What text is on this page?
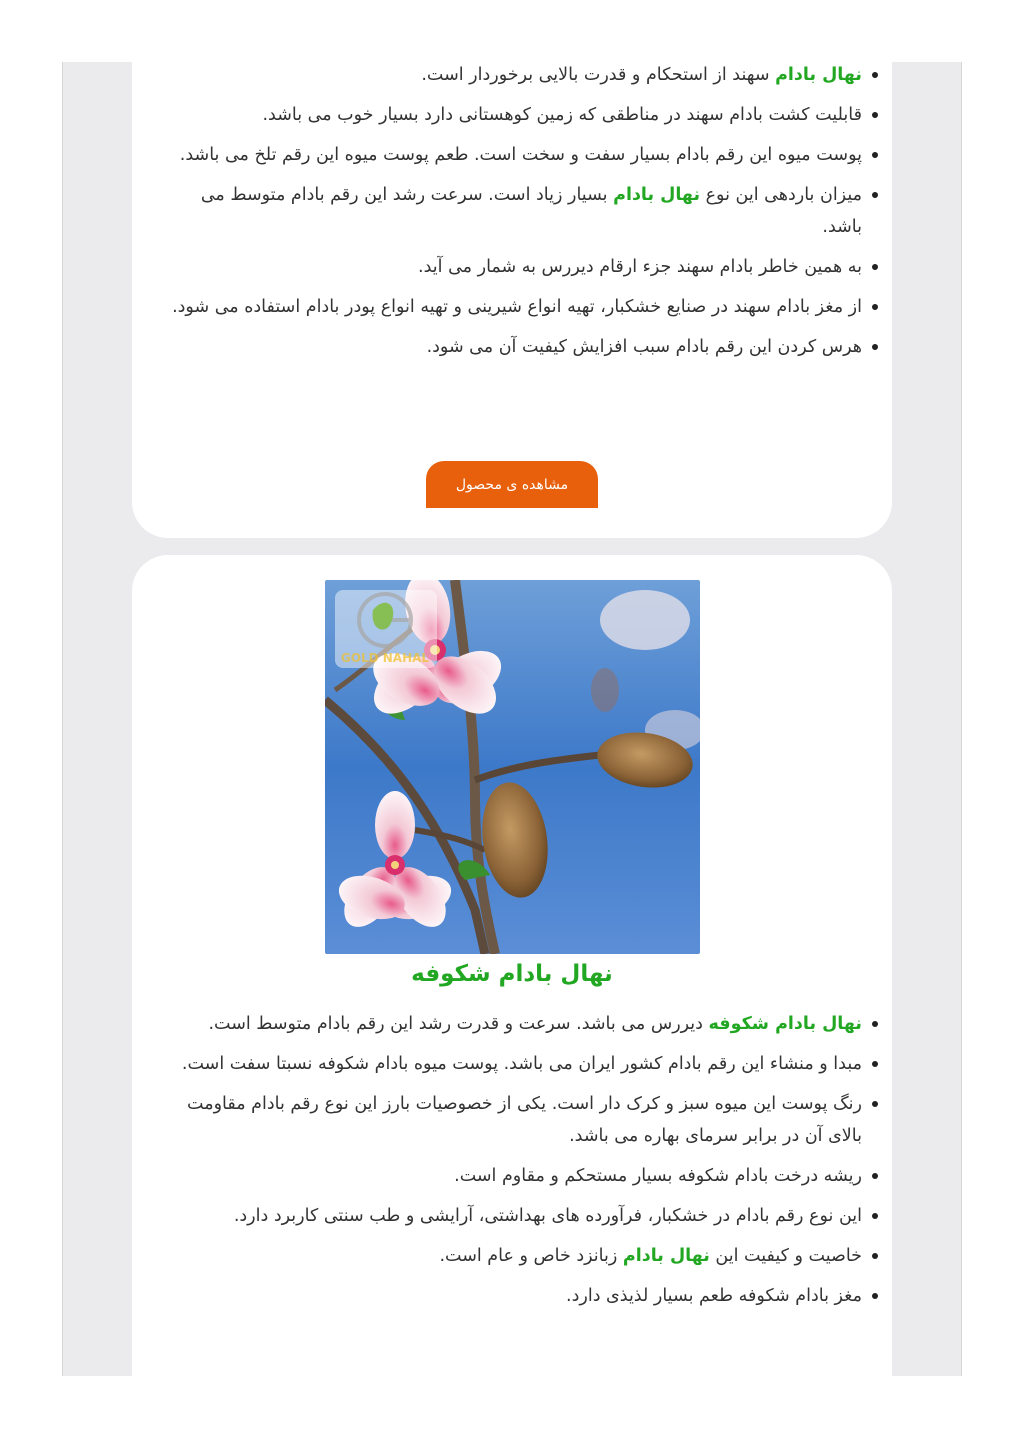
نهال بادام سهند از استحکام و قدرت بالایی برخوردار است.
قابلیت کشت بادام سهند در مناطقی که زمین کوهستانی دارد بسیار خوب می باشد.
پوست میوه این رقم بادام بسیار سفت و سخت است. طعم پوست میوه این رقم تلخ می باشد.
میزان باردهی این نوع نهال بادام بسیار زیاد است. سرعت رشد این رقم بادام متوسط می باشد.
به همین خاطر بادام سهند جزء ارقام دیررس به شمار می آید.
از مغز بادام سهند در صنایع خشکبار، تهیه انواع شیرینی و تهیه انواع پودر بادام استفاده می شود.
هرس کردن این رقم بادام سبب افزایش کیفیت آن می شود.
مشاهده ی محصول
GOLD NAHAL
نهال بادام شکوفه
نهال بادام شکوفه دیررس می باشد. سرعت و قدرت رشد این رقم بادام متوسط است.
مبدا و منشاء این رقم بادام کشور ایران می باشد. پوست میوه بادام شکوفه نسبتا سفت است.
رنگ پوست این میوه سبز و کرک دار است. یکی از خصوصیات بارز این نوع رقم بادام مقاومت بالای آن در برابر سرمای بهاره می باشد.
ریشه درخت بادام شکوفه بسیار مستحکم و مقاوم است.
این نوع رقم بادام در خشکبار، فرآورده های بهداشتی، آرایشی و طب سنتی کاربرد دارد.
خاصیت و کیفیت این نهال بادام زبانزد خاص و عام است.
مغز بادام شکوفه طعم بسیار لذیذی دارد.
